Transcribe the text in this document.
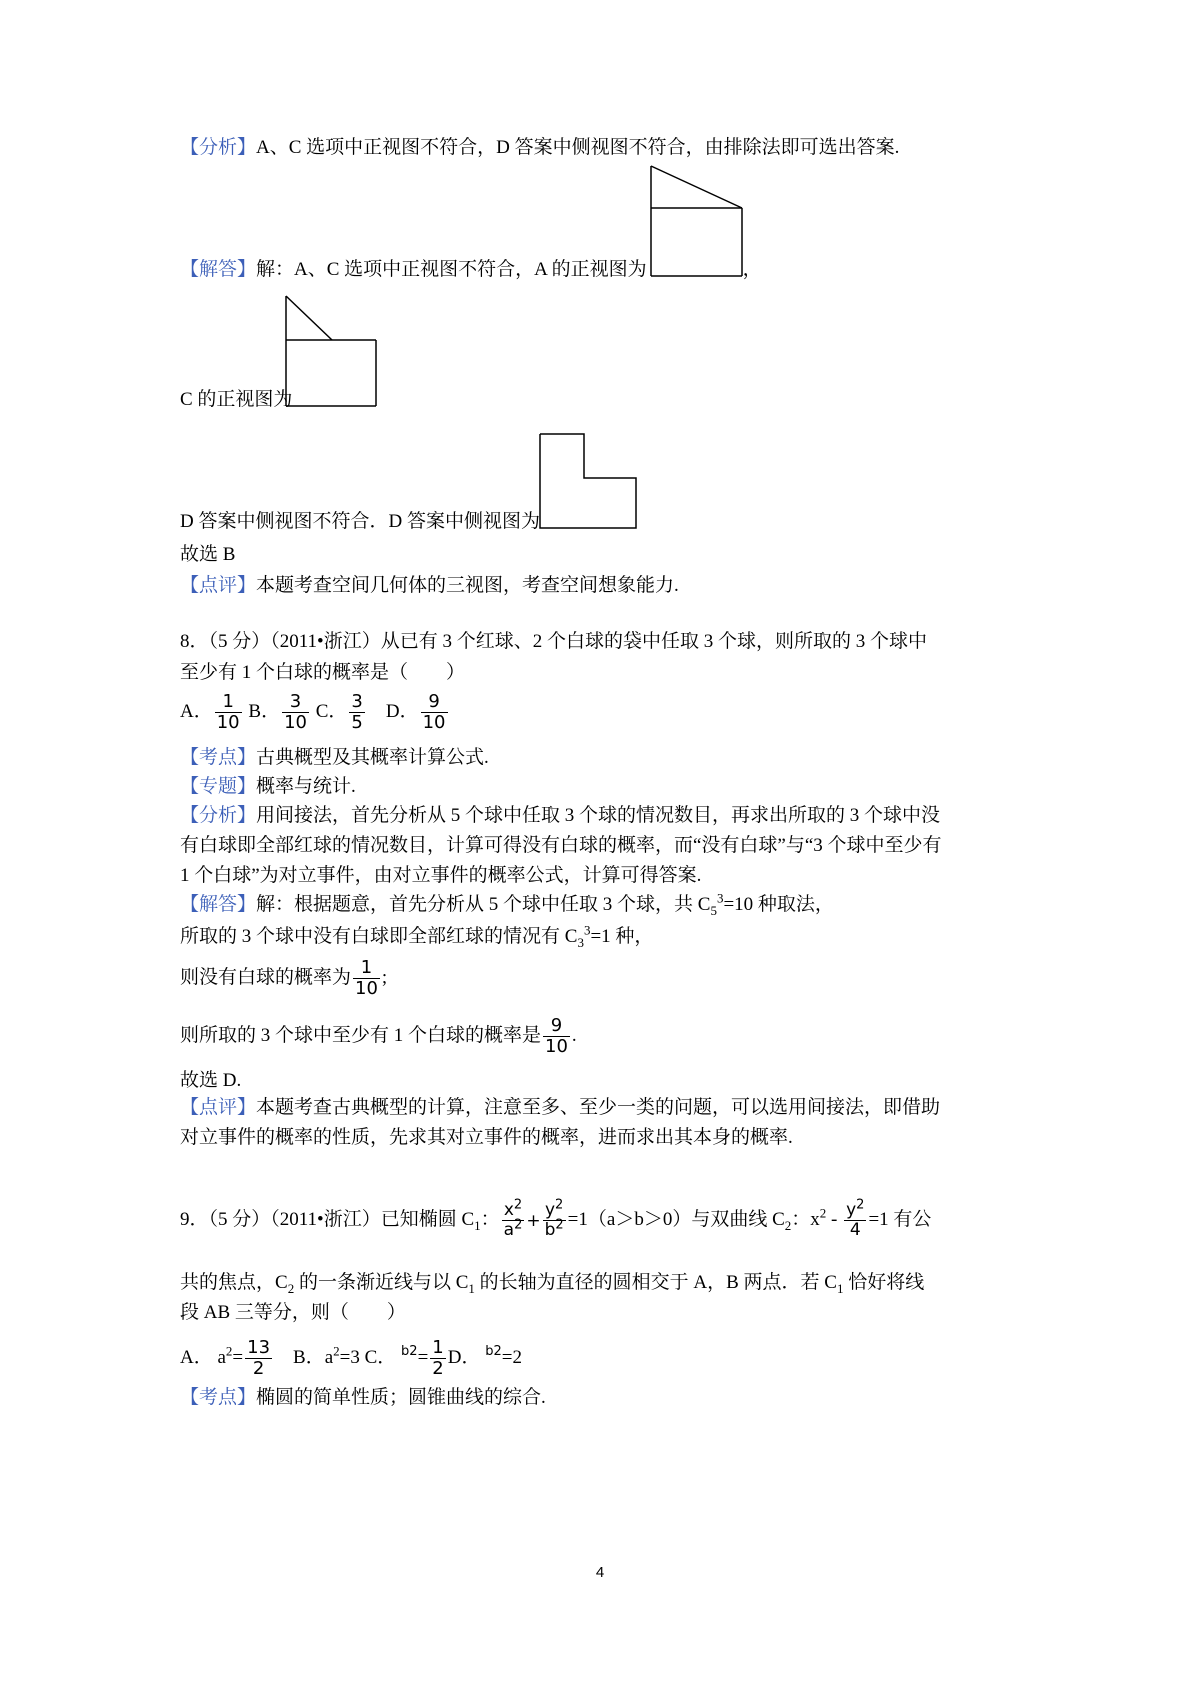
【分析】A、C 选项中正视图不符合，D 答案中侧视图不符合，由排除法即可选出答案.
【解答】解：A、C 选项中正视图不符合，A 的正视图为	，
C 的正视图为
D 答案中侧视图不符合．D 答案中侧视图为
故选 B
【点评】本题考查空间几何体的三视图，考查空间想象能力.
8．（5 分）（2011•浙江）从已有 3 个红球、2 个白球的袋中任取 3 个球，则所取的 3 个球中
至少有 1 个白球的概率是（　　）
A． $\frac{1}{10}$ B． $\frac{3}{10}$ C． $\frac{3}{5}$ D． $\frac{9}{10}$
【考点】古典概型及其概率计算公式.
【专题】概率与统计.
【分析】用间接法，首先分析从 5 个球中任取 3 个球的情况数目，再求出所取的 3 个球中没
有白球即全部红球的情况数目，计算可得没有白球的概率，而“没有白球”与“3 个球中至少有
1 个白球”为对立事件，由对立事件的概率公式，计算可得答案.
【解答】解：根据题意，首先分析从 5 个球中任取 3 个球，共 $C_5^3=10$ 种取法，
所取的 3 个球中没有白球即全部红球的情况有 $C_3^3=1$ 种，
则没有白球的概率为 $\frac{1}{10}$ ;
则所取的 3 个球中至少有 1 个白球的概率是 $\frac{9}{10}$ .
故选 D.
【点评】本题考查古典概型的计算，注意至多、至少一类的问题，可以选用间接法，即借助
对立事件的概率的性质，先求其对立事件的概率，进而求出其本身的概率.
9．（5 分）（2011•浙江）已知椭圆 $C_1$： $\frac{x^2}{a^2} + \frac{y^2}{b^2} =1(a>b>0)$与双曲线 $C_2$：$x^2 - \frac{y^2}{4} =1$ 有公
共的焦点，$C_2$ 的一条渐近线与以 $C_1$ 的长轴为直径的圆相交于 A，B 两点．若 $C_1$ 恰好将线
段 AB 三等分，则（　　）
A． $a^2= \frac{13}{2}$ B．$a^2=3$ C． $b2= \frac{1}{2}$ D． b2=2
【考点】椭圆的简单性质；圆锥曲线的综合.
4
